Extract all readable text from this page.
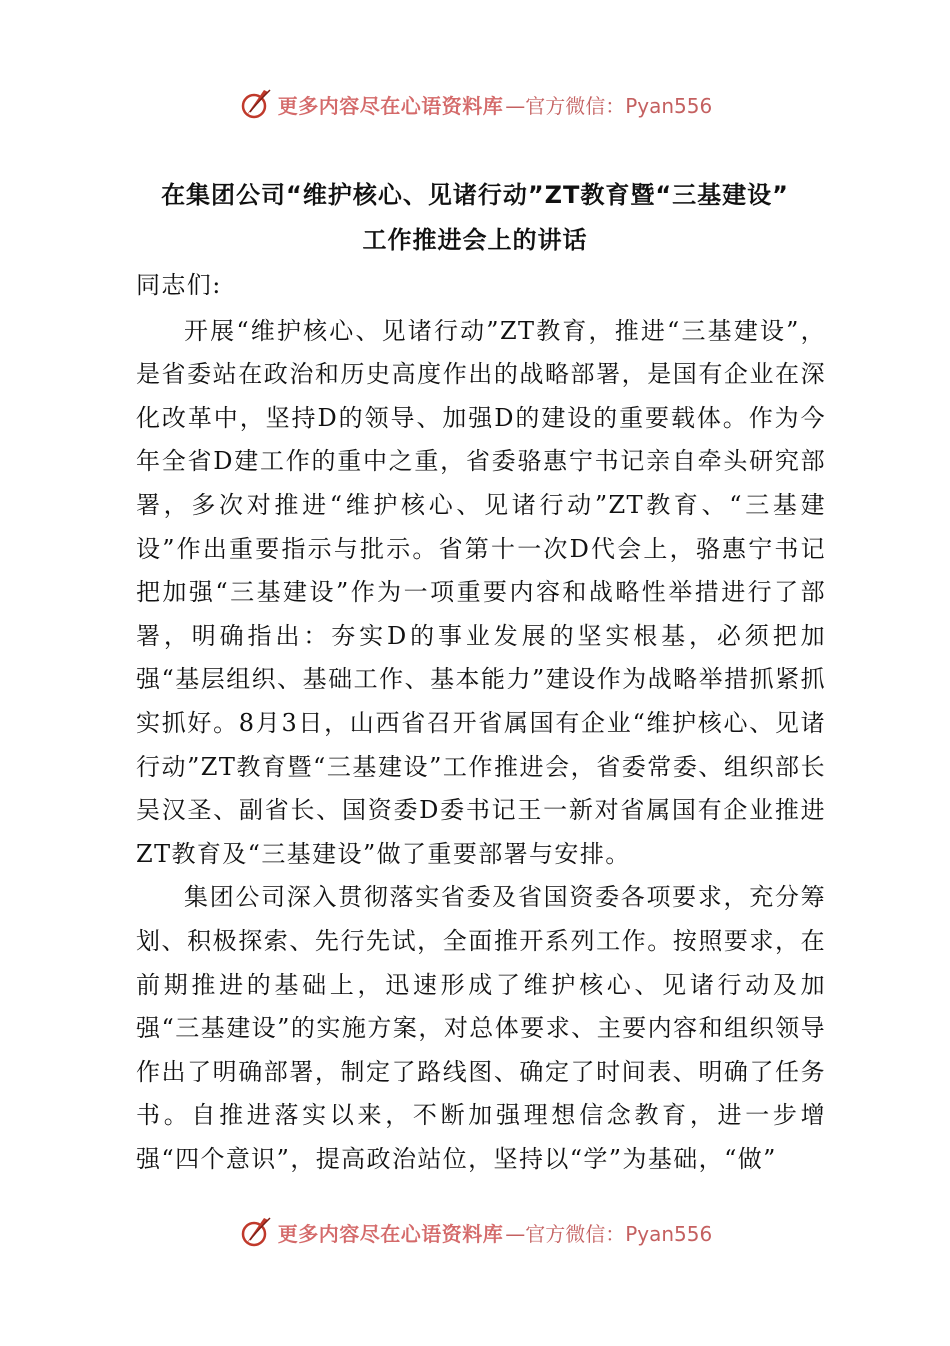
更多内容尽在心语资料库 —官方微信：Pyan556
在集团公司“维护核心、见诸行动”ZT教育暨“三基建设”
工作推进会上的讲话

同志们:

开展“维护核心、见诸行动”ZT教育，推进“三基建设”，是省委站在政治和历史高度作出的战略部署，是国有企业在深化改革中，坚持D的领导、加强D的建设的重要载体。作为今年全省D建工作的重中之重，省委骆惠宁书记亲自牵头研究部署，多次对推进“维护核心、见诸行动”ZT教育、“三基建设”作出重要指示与批示。省第十一次D代会上，骆惠宁书记把加强“三基建设”作为一项重要内容和战略性举措进行了部署，明确指出：夯实D的事业发展的坚实根基，必须把加强“基层组织、基础工作、基本能力”建设作为战略举措抓紧抓实抓好。8月3日，山西省召开省属国有企业“维护核心、见诸行动”ZT教育暨“三基建设”工作推进会，省委常委、组织部长吴汉圣、副省长、国资委D委书记王一新对省属国有企业推进ZT教育及“三基建设”做了重要部署与安排。

集团公司深入贯彻落实省委及省国资委各项要求，充分筹划、积极探索、先行先试，全面推开系列工作。按照要求，在前期推进的基础上，迅速形成了维护核心、见诸行动及加强“三基建设”的实施方案，对总体要求、主要内容和组织领导作出了明确部署，制定了路线图、确定了时间表、明确了任务书。自推进落实以来，不断加强理想信念教育，进一步增强“四个意识”，提高政治站位，坚持以“学”为基础，“做”

更多内容尽在心语资料库 —官方微信：Pyan556
